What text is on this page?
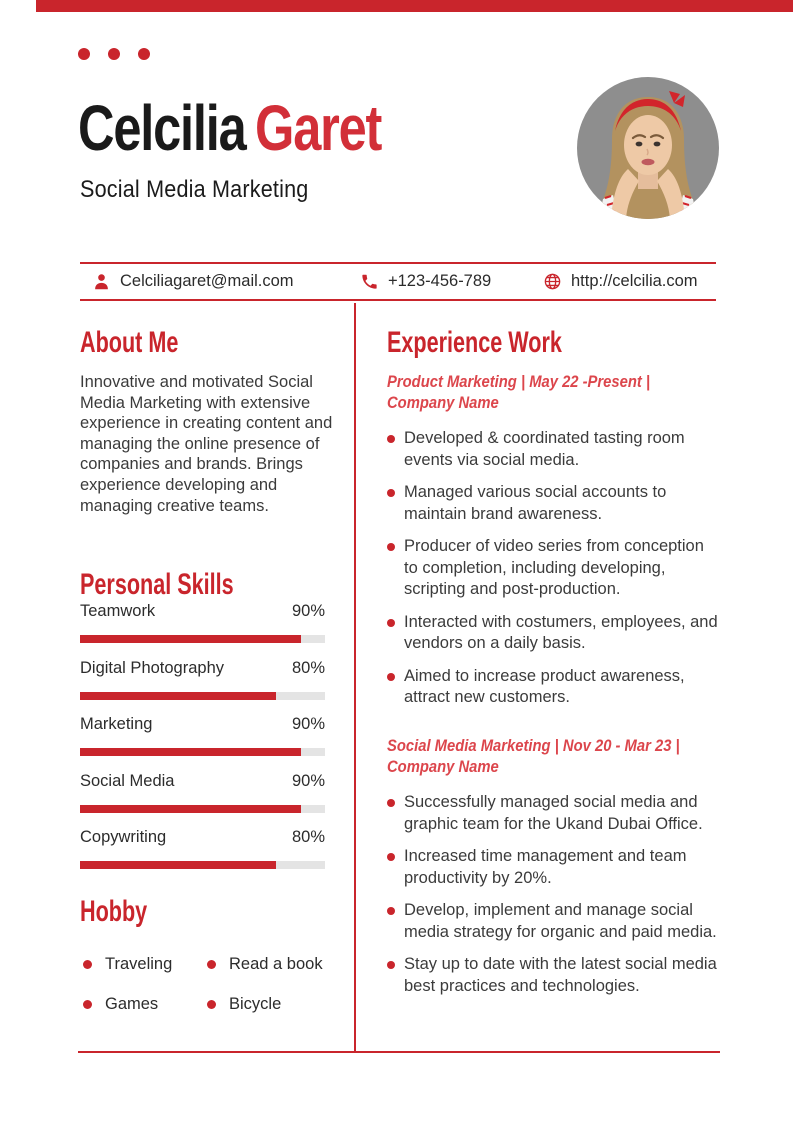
Celcilia Garet

Social Media Marketing

Celciliagaret@mail.com	+123-456-789	http://celcilia.com
About Me

Innovative and motivated Social Media Marketing with extensive experience in creating content and managing the online presence of companies and brands. Brings experience developing and managing creative teams.

Personal Skills
Teamwork	90%
Digital Photography	80%
Marketing	90%
Social Media	90%
Copywriting	80%
Hobby
Traveling	Read a book
Games	Bicycle
Experience Work
Product Marketing | May 22 -Present |
Company Name
Developed & coordinated tasting room events via social media.
Managed various social accounts to maintain brand awareness.
Producer of video series from conception to completion, including developing, scripting and post-production.
Interacted with costumers, employees, and vendors on a daily basis.
Aimed to increase product awareness, attract new customers.
Social Media Marketing | Nov 20 - Mar 23 |
Company Name
Successfully managed social media and graphic team for the Ukand Dubai Office.
Increased time management and team productivity by 20%.
Develop, implement and manage social media strategy for organic and paid media.
Stay up to date with the latest social media best practices and technologies.
